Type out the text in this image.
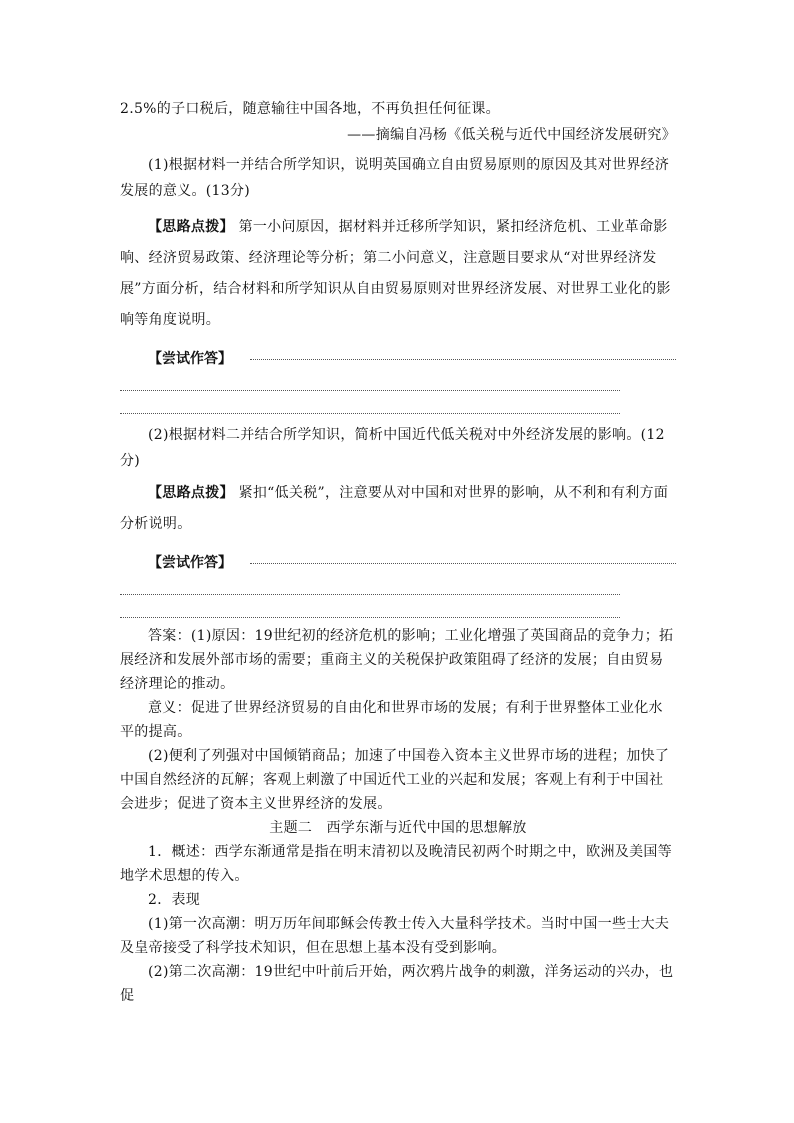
2.5%的子口税后，随意输往中国各地，不再负担任何征课。

——摘编自冯杨《低关税与近代中国经济发展研究》

(1)根据材料一并结合所学知识，说明英国确立自由贸易原则的原因及其对世界经济发展的意义。(13分)

【思路点拨】 第一小问原因，据材料并迁移所学知识，紧扣经济危机、工业革命影响、经济贸易政策、经济理论等分析；第二小问意义，注意题目要求从“对世界经济发展”方面分析，结合材料和所学知识从自由贸易原则对世界经济发展、对世界工业化的影响等角度说明。

【尝试作答】

(2)根据材料二并结合所学知识，简析中国近代低关税对中外经济发展的影响。(12分)

【思路点拨】 紧扣“低关税”，注意要从对中国和对世界的影响，从不利和有利方面分析说明。

【尝试作答】

答案：(1)原因：19世纪初的经济危机的影响；工业化增强了英国商品的竞争力；拓展经济和发展外部市场的需要；重商主义的关税保护政策阻碍了经济的发展；自由贸易经济理论的推动。

意义：促进了世界经济贸易的自由化和世界市场的发展；有利于世界整体工业化水平的提高。

(2)便利了列强对中国倾销商品；加速了中国卷入资本主义世界市场的进程；加快了中国自然经济的瓦解；客观上刺激了中国近代工业的兴起和发展；客观上有利于中国社会进步；促进了资本主义世界经济的发展。

主题二　西学东渐与近代中国的思想解放

1．概述：西学东渐通常是指在明末清初以及晚清民初两个时期之中，欧洲及美国等地学术思想的传入。

2．表现

(1)第一次高潮：明万历年间耶稣会传教士传入大量科学技术。当时中国一些士大夫及皇帝接受了科学技术知识，但在思想上基本没有受到影响。

(2)第二次高潮：19世纪中叶前后开始，两次鸦片战争的刺激，洋务运动的兴办，也促
